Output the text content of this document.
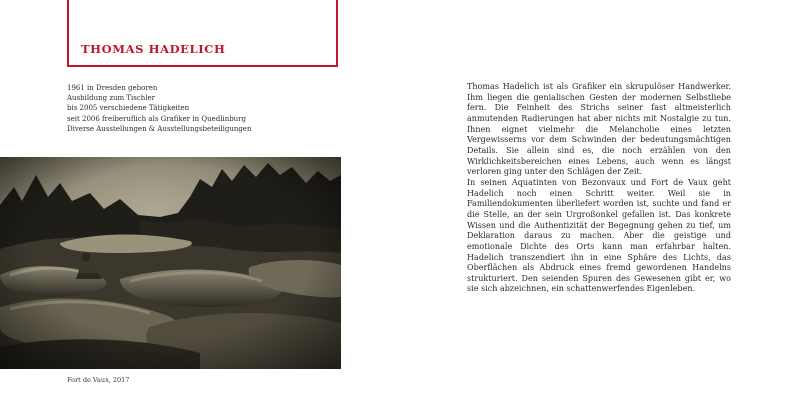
THOMAS HADELICH
1961 in Dresden geboren
Ausbildung zum Tischler
bis 2005 verschiedene Tätigkeiten
seit 2006 freiberuflich als Grafiker in Quedlinburg
Diverse Ausstellungen & Ausstellungsbeteiligungen

Fort de Vaux, 2017

Thomas Hadelich ist als Grafiker ein skrupulöser Handwerker. Ihm liegen die genialischen Gesten der modernen Selbstliebe fern. Die Feinheit des Strichs seiner fast altmeisterlich anmutenden Radierungen hat aber nichts mit Nostalgie zu tun. Ihnen eignet vielmehr die Melancholie eines letzten Vergewisserns vor dem Schwinden der bedeutungsmächtigen Details. Sie allein sind es, die noch erzählen von den Wirklichkeitsbereichen eines Lebens, auch wenn es längst verloren ging unter den Schlägen der Zeit.

In seinen Aquatinten von Bezonvaux und Fort de Vaux geht Hadelich noch einen Schritt weiter. Weil sie in Familiendokumenten überliefert worden ist, suchte und fand er die Stelle, an der sein Urgroßonkel gefallen ist. Das konkrete Wissen und die Authentizität der Begegnung gehen zu tief, um Deklaration daraus zu machen. Aber die geistige und emotionale Dichte des Orts kann man erfahrbar halten. Hadelich transzendiert ihn in eine Sphäre des Lichts, das Oberflächen als Abdruck eines fremd gewordenen Handelns strukturiert. Den seienden Spuren des Gewesenen gibt er, wo sie sich abzeichnen, ein schattenwerfendes Eigenleben.
